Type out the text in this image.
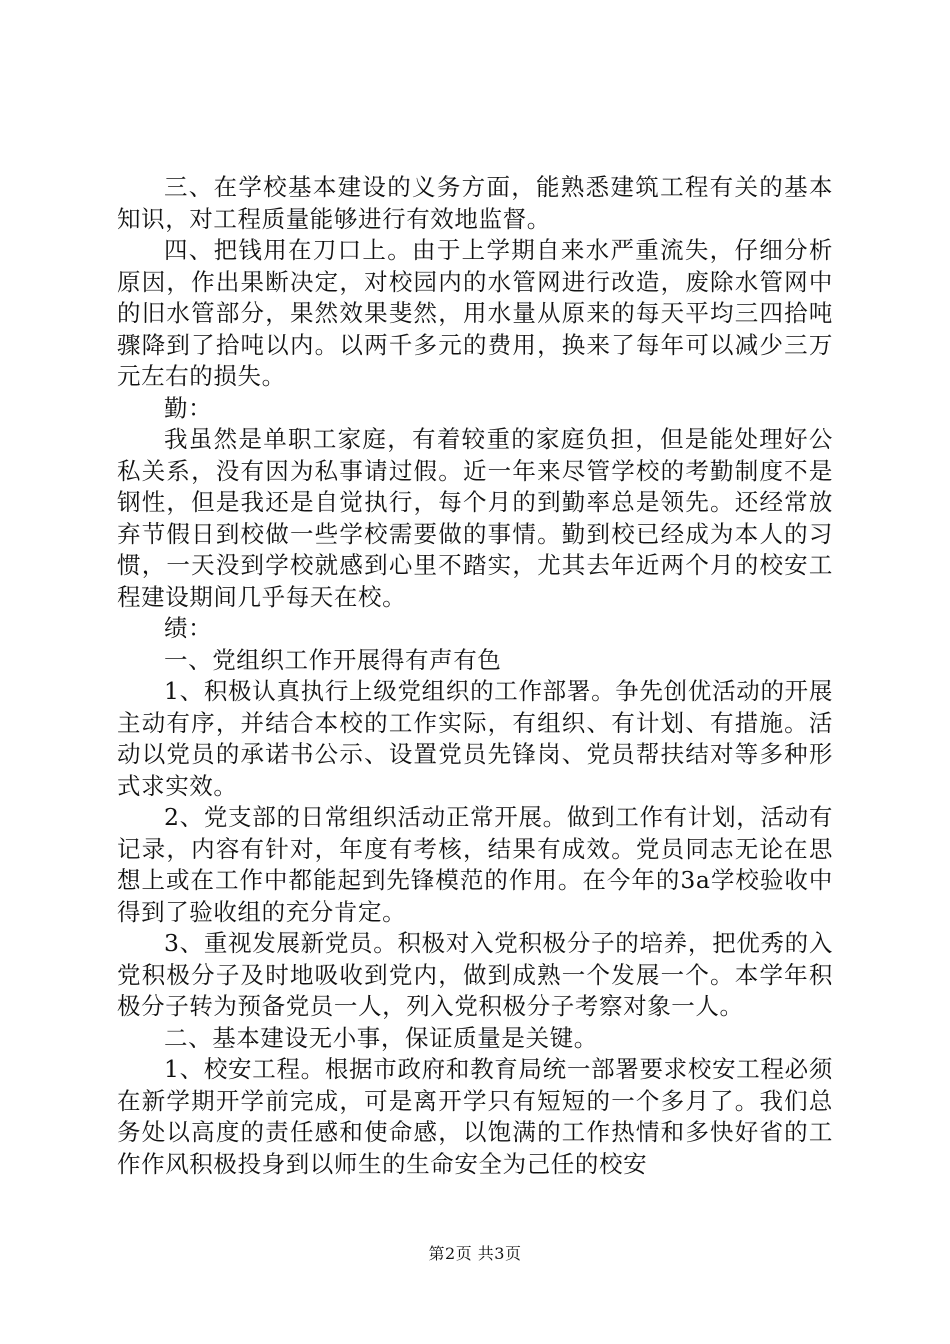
三、在学校基本建设的义务方面，能熟悉建筑工程有关的基本知识，对工程质量能够进行有效地监督。

四、把钱用在刀口上。由于上学期自来水严重流失，仔细分析原因，作出果断决定，对校园内的水管网进行改造，废除水管网中的旧水管部分，果然效果斐然，用水量从原来的每天平均三四拾吨骤降到了拾吨以内。以两千多元的费用，换来了每年可以减少三万元左右的损失。

勤：

我虽然是单职工家庭，有着较重的家庭负担，但是能处理好公私关系，没有因为私事请过假。近一年来尽管学校的考勤制度不是钢性，但是我还是自觉执行，每个月的到勤率总是领先。还经常放弃节假日到校做一些学校需要做的事情。勤到校已经成为本人的习惯，一天没到学校就感到心里不踏实，尤其去年近两个月的校安工程建设期间几乎每天在校。

绩：

一、党组织工作开展得有声有色

1、积极认真执行上级党组织的工作部署。争先创优活动的开展主动有序，并结合本校的工作实际，有组织、有计划、有措施。活动以党员的承诺书公示、设置党员先锋岗、党员帮扶结对等多种形式求实效。

2、党支部的日常组织活动正常开展。做到工作有计划，活动有记录，内容有针对，年度有考核，结果有成效。党员同志无论在思想上或在工作中都能起到先锋模范的作用。在今年的3a学校验收中得到了验收组的充分肯定。

3、重视发展新党员。积极对入党积极分子的培养，把优秀的入党积极分子及时地吸收到党内，做到成熟一个发展一个。本学年积极分子转为预备党员一人，列入党积极分子考察对象一人。

二、基本建设无小事，保证质量是关键。

1、校安工程。根据市政府和教育局统一部署要求校安工程必须在新学期开学前完成，可是离开学只有短短的一个多月了。我们总务处以高度的责任感和使命感，以饱满的工作热情和多快好省的工作作风积极投身到以师生的生命安全为己任的校安

第2页 共3页
